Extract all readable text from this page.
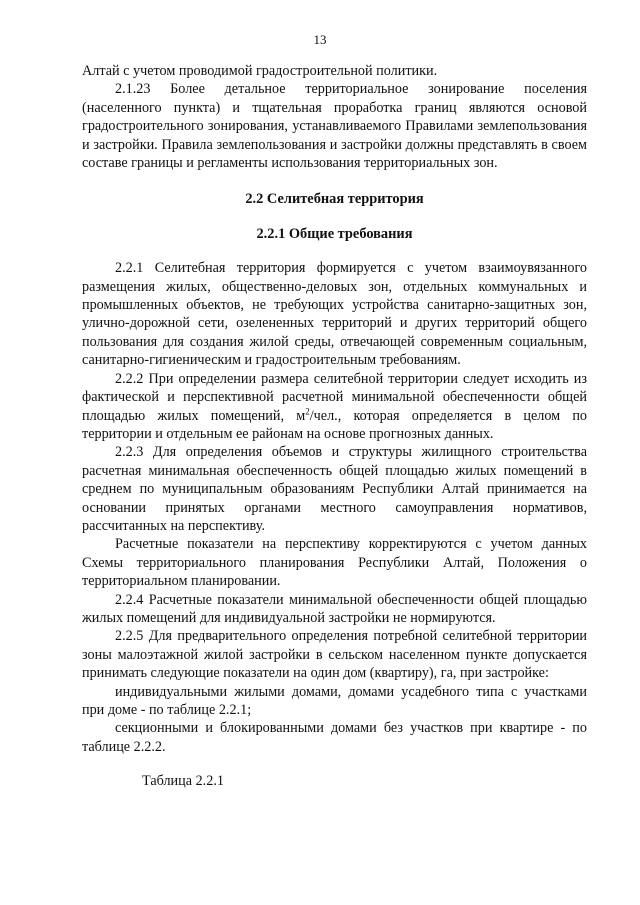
13

Алтай с учетом проводимой градостроительной политики.

2.1.23 Более детальное территориальное зонирование поселения (населенного пункта) и тщательная проработка границ являются основой градостроительного зонирования, устанавливаемого Правилами землепользования и застройки. Правила землепользования и застройки должны представлять в своем составе границы и регламенты использования территориальных зон.

2.2 Селитебная территория
2.2.1 Общие требования

2.2.1 Селитебная территория формируется с учетом взаимоувязанного размещения жилых, общественно-деловых зон, отдельных коммунальных и промышленных объектов, не требующих устройства санитарно-защитных зон, улично-дорожной сети, озелененных территорий и других территорий общего пользования для создания жилой среды, отвечающей современным социальным, санитарно-гигиеническим и градостроительным требованиям.

2.2.2 При определении размера селитебной территории следует исходить из фактической и перспективной расчетной минимальной обеспеченности общей площадью жилых помещений, $м^2$/чел., которая определяется в целом по территории и отдельным ее районам на основе прогнозных данных.

2.2.3 Для определения объемов и структуры жилищного строительства расчетная минимальная обеспеченность общей площадью жилых помещений в среднем по муниципальным образованиям Республики Алтай принимается на основании принятых органами местного самоуправления нормативов, рассчитанных на перспективу.

Расчетные показатели на перспективу корректируются с учетом данных Схемы территориального планирования Республики Алтай, Положения о территориальном планировании.

2.2.4 Расчетные показатели минимальной обеспеченности общей площадью жилых помещений для индивидуальной застройки не нормируются.

2.2.5 Для предварительного определения потребной селитебной территории зоны малоэтажной жилой застройки в сельском населенном пункте допускается принимать следующие показатели на один дом (квартиру), га, при застройке:

индивидуальными жилыми домами, домами усадебного типа с участками при доме - по таблице 2.2.1;

секционными и блокированными домами без участков при квартире - по таблице 2.2.2.

Таблица 2.2.1
